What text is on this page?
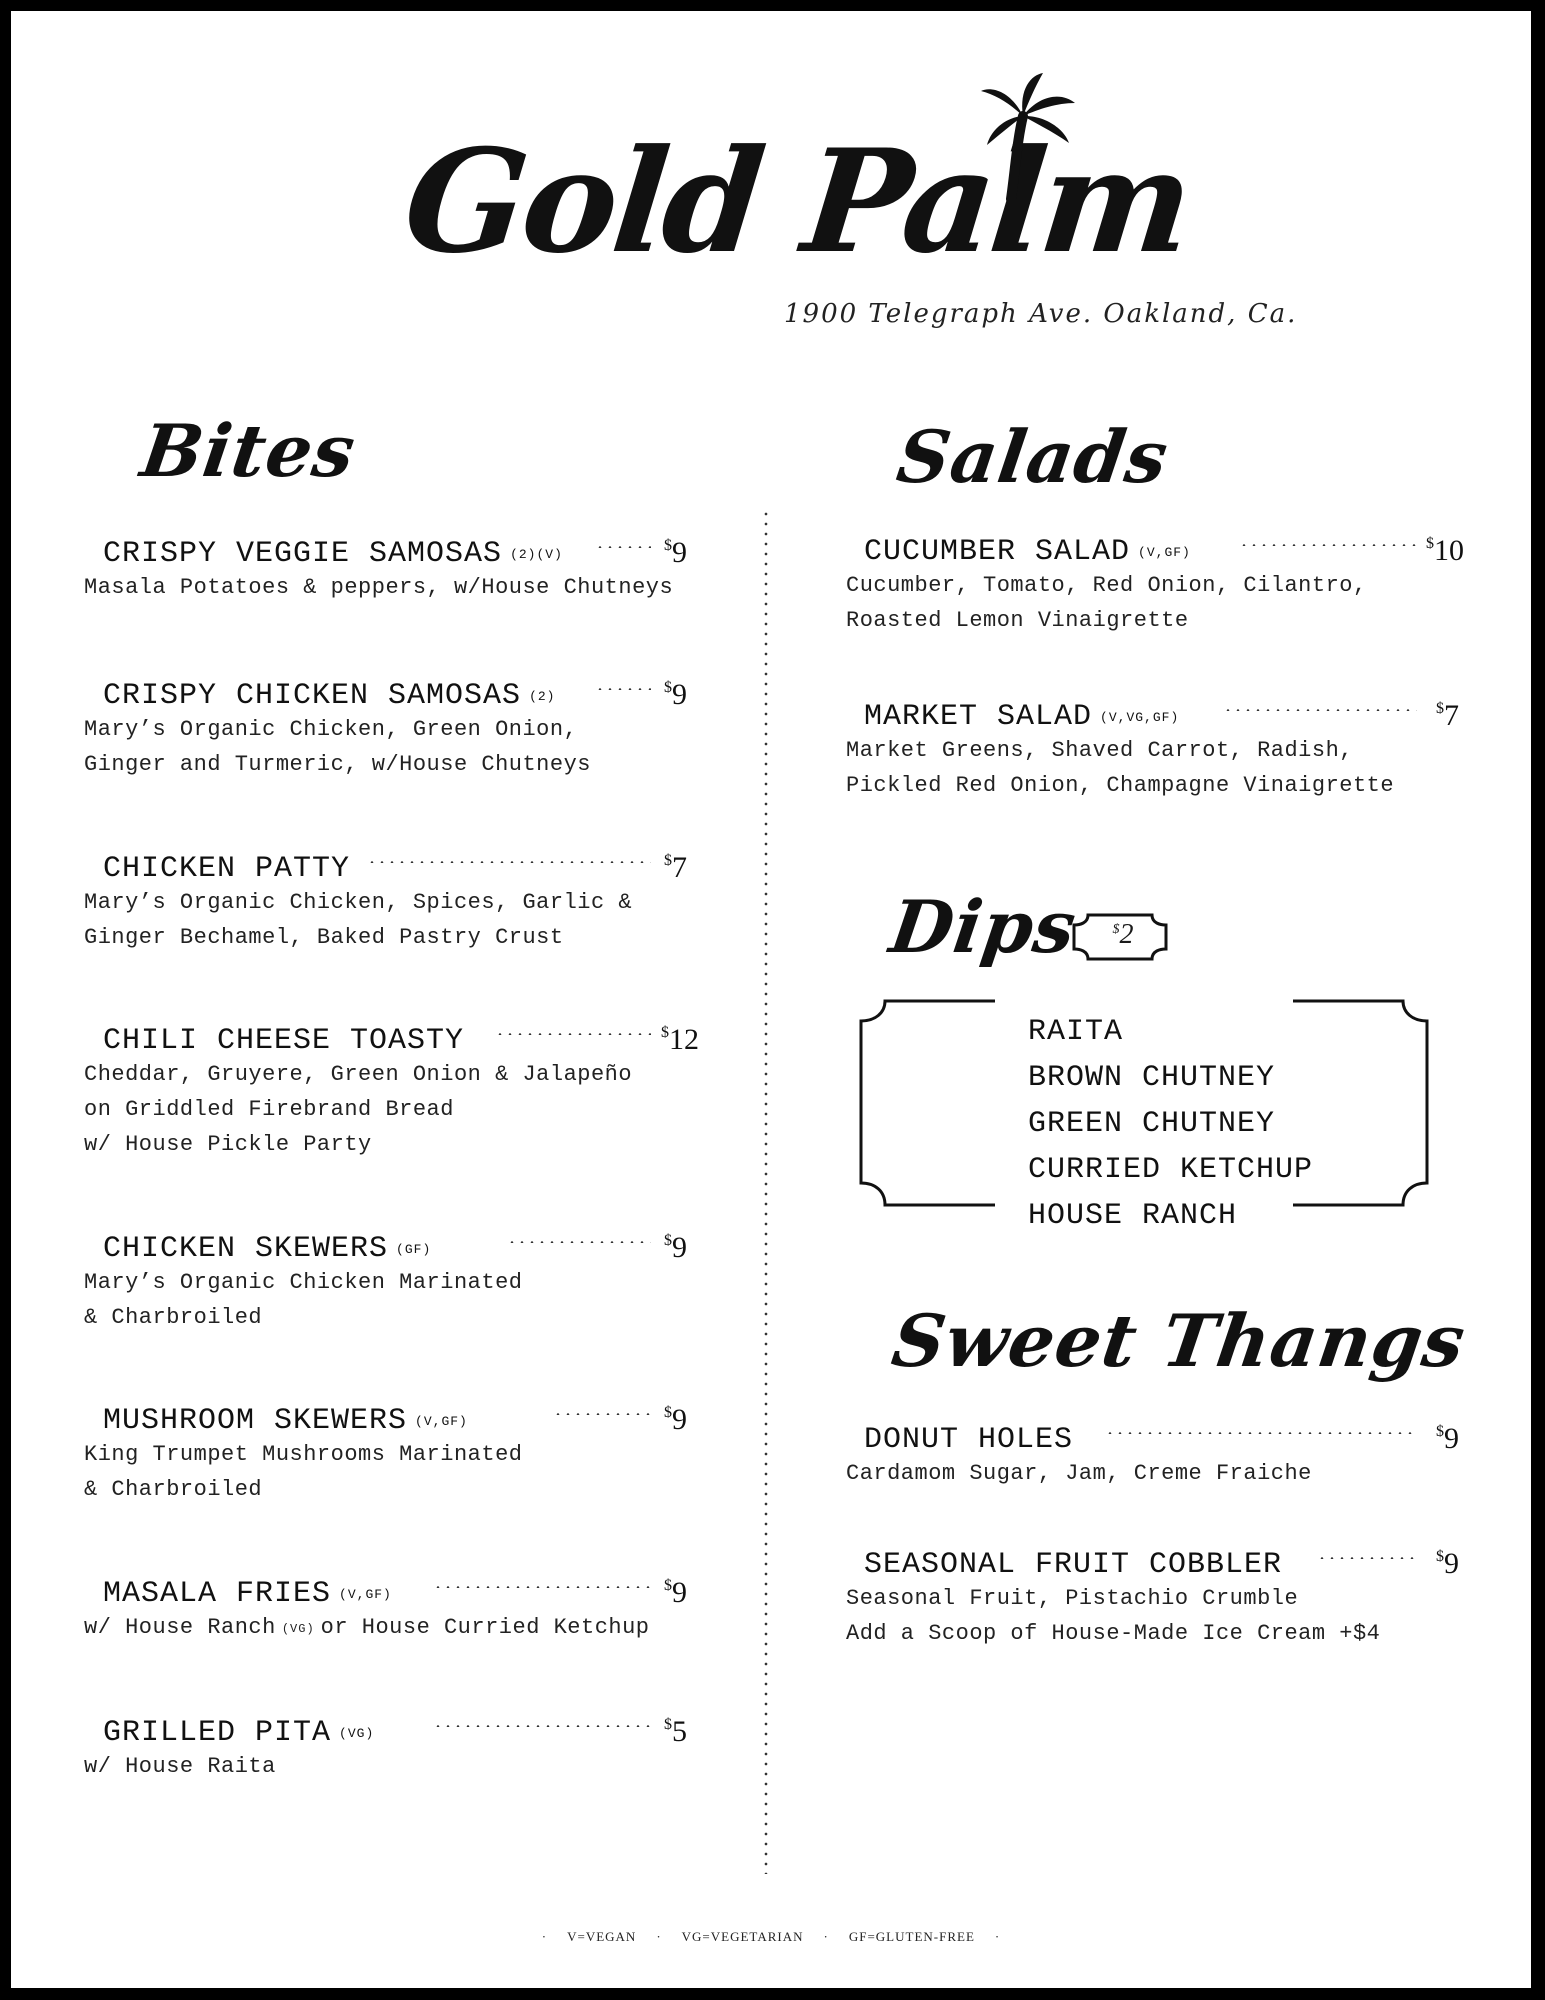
Gold Palm
1900 Telegraph Ave. Oakland, Ca.
Bites
CRISPY VEGGIE SAMOSAS (2)(V)
$9
Masala Potatoes & peppers, w/House Chutneys
CRISPY CHICKEN SAMOSAS (2)
$9
Mary’s Organic Chicken, Green Onion,
Ginger and Turmeric, w/House Chutneys
CHICKEN PATTY	$7
Mary’s Organic Chicken, Spices, Garlic &
Ginger Bechamel, Baked Pastry Crust
CHILI CHEESE TOASTY	$12
Cheddar, Gruyere, Green Onion & Jalapeño
on Griddled Firebrand Bread
w/ House Pickle Party
CHICKEN SKEWERS (GF)
$9
Mary’s Organic Chicken Marinated
& Charbroiled
MUSHROOM SKEWERS (V,GF)
$9
King Trumpet Mushrooms Marinated
& Charbroiled
MASALA FRIES (V,GF)
$9
w/ House Ranch (VG) or House Curried Ketchup
GRILLED PITA (VG)
$5
w/ House Raita
Salads
CUCUMBER SALAD (V,GF)
$10
Cucumber, Tomato, Red Onion, Cilantro,
Roasted Lemon Vinaigrette
MARKET SALAD (V,VG,GF)
$7
Market Greens, Shaved Carrot, Radish,
Pickled Red Onion, Champagne Vinaigrette
Dips	$2
RAITA
BROWN CHUTNEY
GREEN CHUTNEY
CURRIED KETCHUP
HOUSE RANCH
Sweet Thangs
DONUT HOLES	$9
Cardamom Sugar, Jam, Creme Fraiche
SEASONAL FRUIT COBBLER	$9
Seasonal Fruit, Pistachio Crumble
Add a Scoop of House-Made Ice Cream +$4
· V=VEGAN · VG=VEGETARIAN · GF=GLUTEN-FREE ·
